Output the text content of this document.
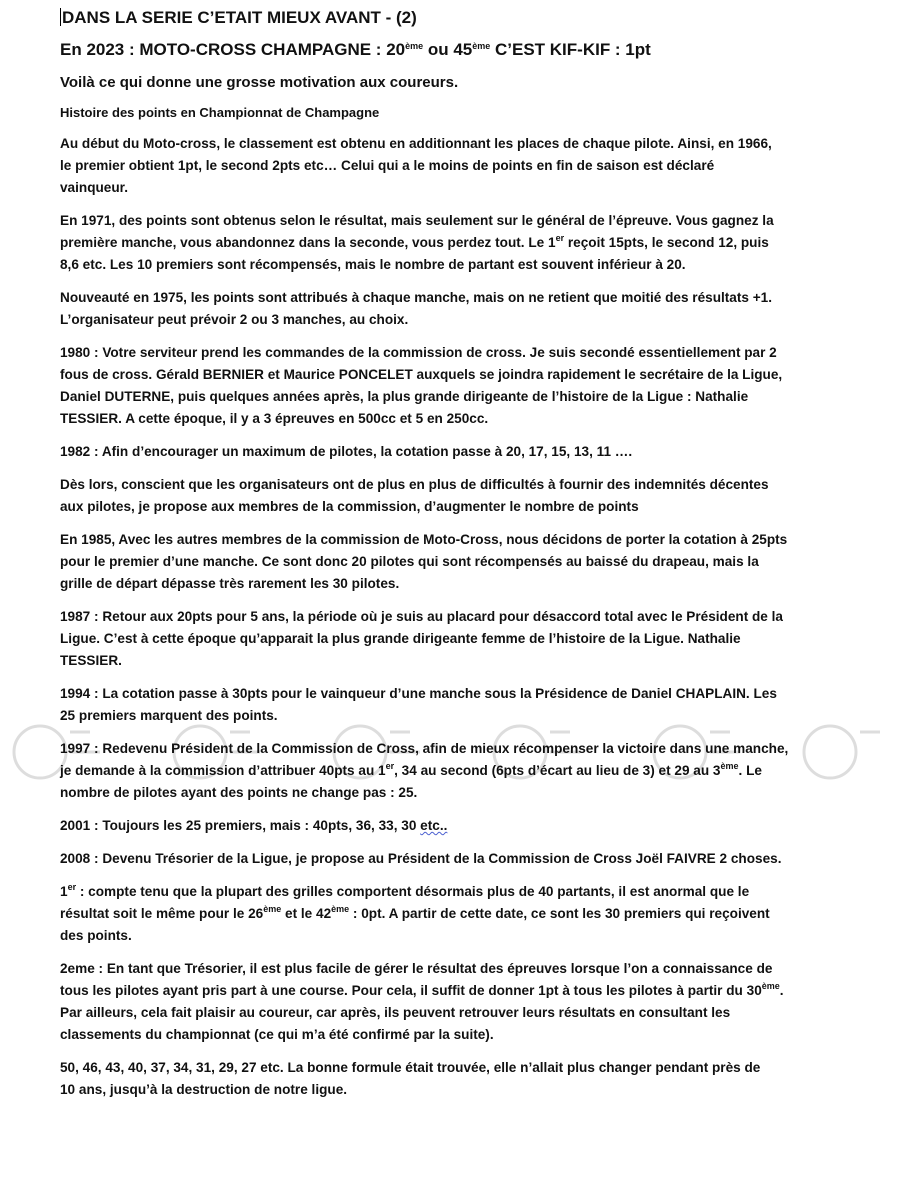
DANS LA SERIE C’ETAIT MIEUX AVANT - (2)
En 2023 : MOTO-CROSS CHAMPAGNE : 20ème ou 45ème C’EST KIF-KIF : 1pt
Voilà ce qui donne une grosse motivation aux coureurs.
Histoire des points en Championnat de Champagne
Au début du Moto-cross, le classement est obtenu en additionnant les places de chaque pilote. Ainsi, en 1966,
le premier obtient 1pt, le second 2pts etc… Celui qui a le moins de points en fin de saison est déclaré
vainqueur.
En 1971, des points sont obtenus selon le résultat, mais seulement sur le général de l’épreuve. Vous gagnez la
première manche, vous abandonnez dans la seconde, vous perdez tout. Le 1er reçoit 15pts, le second 12, puis
8,6 etc. Les 10 premiers sont récompensés, mais le nombre de partant est souvent inférieur à 20.
Nouveauté en 1975, les points sont attribués à chaque manche, mais on ne retient que moitié des résultats +1.
L’organisateur peut prévoir 2 ou 3 manches, au choix.
1980 : Votre serviteur prend les commandes de la commission de cross. Je suis secondé essentiellement par 2
fous de cross. Gérald BERNIER et Maurice PONCELET auxquels se joindra rapidement le secrétaire de la Ligue,
Daniel DUTERNE, puis quelques années après, la plus grande dirigeante de l’histoire de la Ligue : Nathalie
TESSIER. A cette époque, il y a 3 épreuves en 500cc et 5 en 250cc.
1982 : Afin d’encourager un maximum de pilotes, la cotation passe à 20, 17, 15, 13, 11 ….
Dès lors, conscient que les organisateurs ont de plus en plus de difficultés à fournir des indemnités décentes
aux pilotes, je propose aux membres de la commission, d’augmenter le nombre de points
En 1985, Avec les autres membres de la commission de Moto-Cross, nous décidons de porter la cotation à 25pts
pour le premier d’une manche. Ce sont donc 20 pilotes qui sont récompensés au baissé du drapeau, mais la
grille de départ dépasse très rarement les 30 pilotes.
1987 : Retour aux 20pts pour 5 ans, la période où je suis au placard pour désaccord total avec le Président de la
Ligue. C’est à cette époque qu’apparait la plus grande dirigeante femme de l’histoire de la Ligue. Nathalie
TESSIER.
1994 : La cotation passe à 30pts pour le vainqueur d’une manche sous la Présidence de Daniel CHAPLAIN. Les
25 premiers marquent des points.
1997 : Redevenu Président de la Commission de Cross, afin de mieux récompenser la victoire dans une manche,
je demande à la commission d’attribuer 40pts au 1er, 34 au second (6pts d’écart au lieu de 3) et 29 au 3ème. Le
nombre de pilotes ayant des points ne change pas : 25.
2001 : Toujours les 25 premiers, mais : 40pts, 36, 33, 30 etc..
2008 : Devenu Trésorier de la Ligue, je propose au Président de la Commission de Cross Joël FAIVRE 2 choses.
1er : compte tenu que la plupart des grilles comportent désormais plus de 40 partants, il est anormal que le
résultat soit le même pour le 26ème et le 42ème : 0pt. A partir de cette date, ce sont les 30 premiers qui reçoivent
des points.
2eme : En tant que Trésorier, il est plus facile de gérer le résultat des épreuves lorsque l’on a connaissance de
tous les pilotes ayant pris part à une course. Pour cela, il suffit de donner 1pt à tous les pilotes à partir du 30ème.
Par ailleurs, cela fait plaisir au coureur, car après, ils peuvent retrouver leurs résultats en consultant les
classements du championnat (ce qui m’a été confirmé par la suite).
50, 46, 43, 40, 37, 34, 31, 29, 27 etc. La bonne formule était trouvée, elle n’allait plus changer pendant près de
10 ans, jusqu’à la destruction de notre ligue.
